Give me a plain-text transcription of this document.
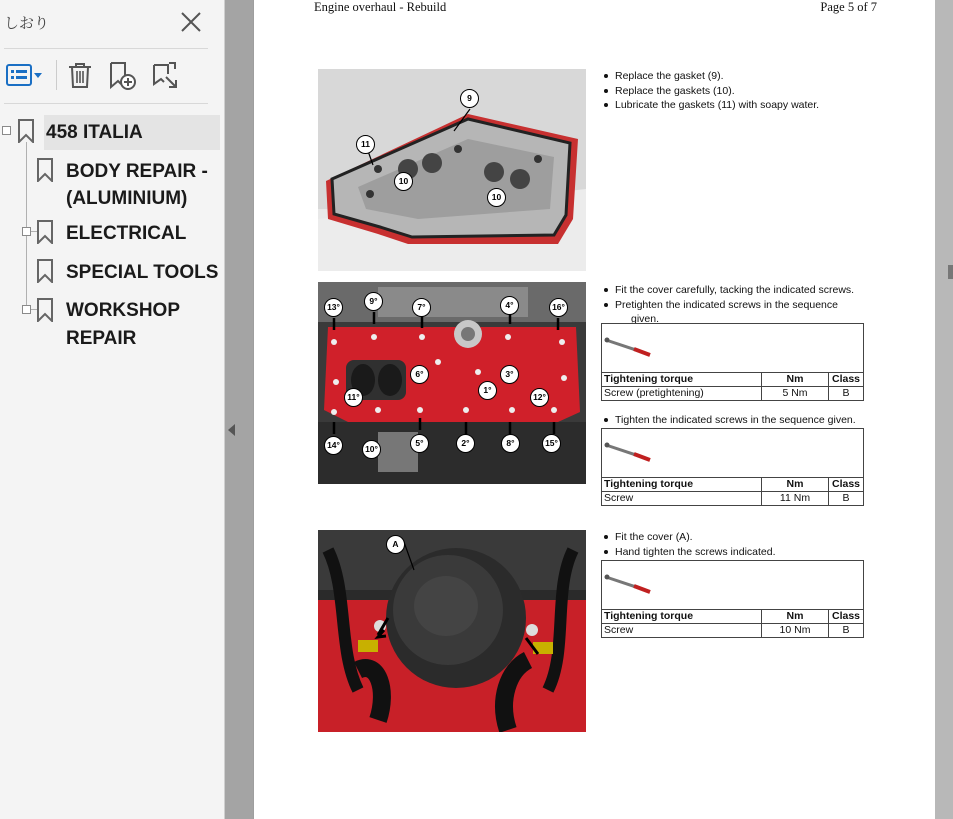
しおり
458 ITALIA
BODY REPAIR -
(ALUMINIUM)
ELECTRICAL
SPECIAL TOOLS
WORKSHOP
REPAIR
Engine overhaul - Rebuild	Page 5 of 7
9
11
10
10
Replace the gasket (9).
Replace the gaskets (10).
Lubricate the gaskets (11) with soapy water.
13°
9°
7°	4°	16°
6°
1°
3°
11°	12°
14°	10°
5°	2°	8°	15°
Fit the cover carefully, tacking the indicated screws.
Pretighten the indicated screws in the sequence
given.

Tightening torque	Nm	Class
Screw (pretightening)	5 Nm	B
Tighten the indicated screws in the sequence given.

Tightening torque	Nm	Class
Screw	11 Nm	B
A
Fit the cover (A).
Hand tighten the screws indicated.

Tightening torque	Nm	Class
Screw	10 Nm	B
